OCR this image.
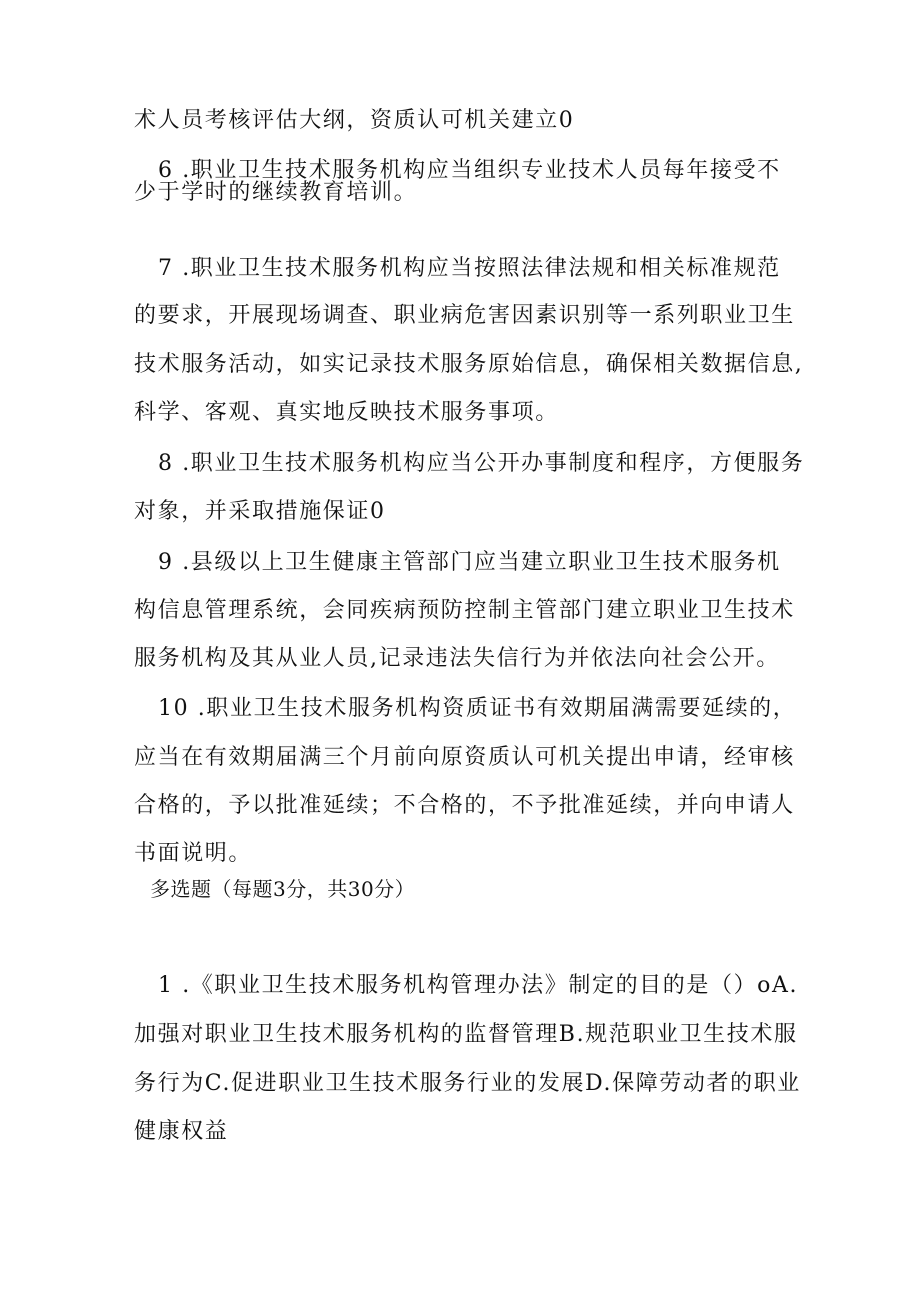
术人员考核评估大纲，资质认可机关建立0
6 .职业卫生技术服务机构应当组织专业技术人员每年接受不
少于学时的继续教育培训。
7 .职业卫生技术服务机构应当按照法律法规和相关标准规范
的要求，开展现场调查、职业病危害因素识别等一系列职业卫生
技术服务活动，如实记录技术服务原始信息，确保相关数据信息,
科学、客观、真实地反映技术服务事项。
8 .职业卫生技术服务机构应当公开办事制度和程序，方便服务
对象，并采取措施保证0
9 .县级以上卫生健康主管部门应当建立职业卫生技术服务机
构信息管理系统，会同疾病预防控制主管部门建立职业卫生技术
服务机构及其从业人员,记录违法失信行为并依法向社会公开。
10 .职业卫生技术服务机构资质证书有效期届满需要延续的，
应当在有效期届满三个月前向原资质认可机关提出申请，经审核
合格的，予以批准延续；不合格的，不予批准延续，并向申请人
书面说明。
多选题（每题3分，共30分）
1 .《职业卫生技术服务机构管理办法》制定的目的是（）oA.
加强对职业卫生技术服务机构的监督管理B.规范职业卫生技术服
务行为C.促进职业卫生技术服务行业的发展D.保障劳动者的职业
健康权益
